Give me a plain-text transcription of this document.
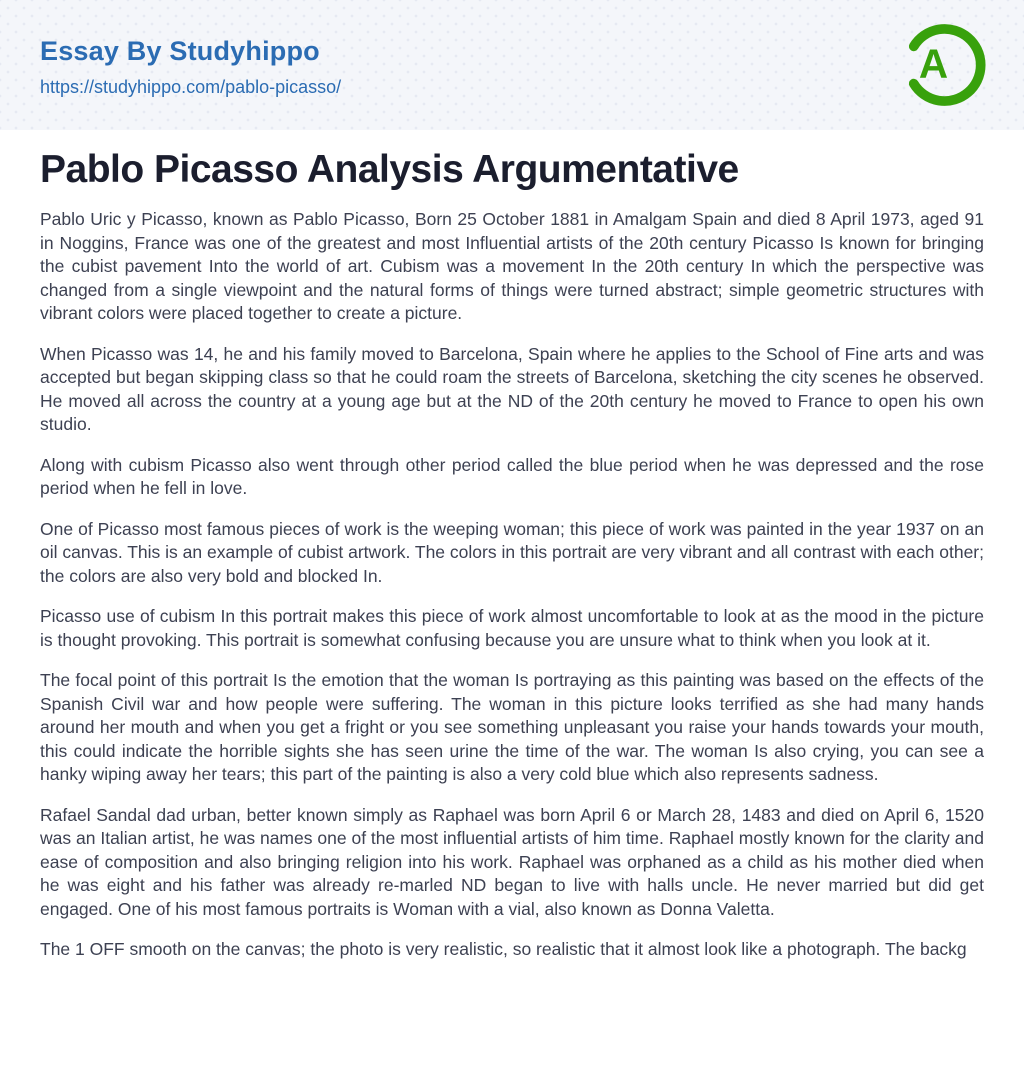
Essay By Studyhippo
https://studyhippo.com/pablo-picasso/
A
Pablo Picasso Analysis Argumentative

Pablo Uric y Picasso, known as Pablo Picasso, Born 25 October 1881 in Amalgam Spain and died 8 April 1973, aged 91 in Noggins, France was one of the greatest and most Influential artists of the 20th century Picasso Is known for bringing the cubist pavement Into the world of art. Cubism was a movement In the 20th century In which the perspective was changed from a single viewpoint and the natural forms of things were turned abstract; simple geometric structures with vibrant colors were placed together to create a picture.

When Picasso was 14, he and his family moved to Barcelona, Spain where he applies to the School of Fine arts and was accepted but began skipping class so that he could roam the streets of Barcelona, sketching the city scenes he observed. He moved all across the country at a young age but at the ND of the 20th century he moved to France to open his own studio.

Along with cubism Picasso also went through other period called the blue period when he was depressed and the rose period when he fell in love.

One of Picasso most famous pieces of work is the weeping woman; this piece of work was painted in the year 1937 on an oil canvas. This is an example of cubist artwork. The colors in this portrait are very vibrant and all contrast with each other; the colors are also very bold and blocked In.

Picasso use of cubism In this portrait makes this piece of work almost uncomfortable to look at as the mood in the picture is thought provoking. This portrait is somewhat confusing because you are unsure what to think when you look at it.

The focal point of this portrait Is the emotion that the woman Is portraying as this painting was based on the effects of the Spanish Civil war and how people were suffering. The woman in this picture looks terrified as she had many hands around her mouth and when you get a fright or you see something unpleasant you raise your hands towards your mouth, this could indicate the horrible sights she has seen urine the time of the war. The woman Is also crying, you can see a hanky wiping away her tears; this part of the painting is also a very cold blue which also represents sadness.

Rafael Sandal dad urban, better known simply as Raphael was born April 6 or March 28, 1483 and died on April 6, 1520 was an Italian artist, he was names one of the most influential artists of him time. Raphael mostly known for the clarity and ease of composition and also bringing religion into his work. Raphael was orphaned as a child as his mother died when he was eight and his father was already re-marled ND began to live with halls uncle. He never married but did get engaged. One of his most famous portraits is Woman with a vial, also known as Donna Valetta.

The 1 OFF smooth on the canvas; the photo is very realistic, so realistic that it almost look like a photograph. The backg
